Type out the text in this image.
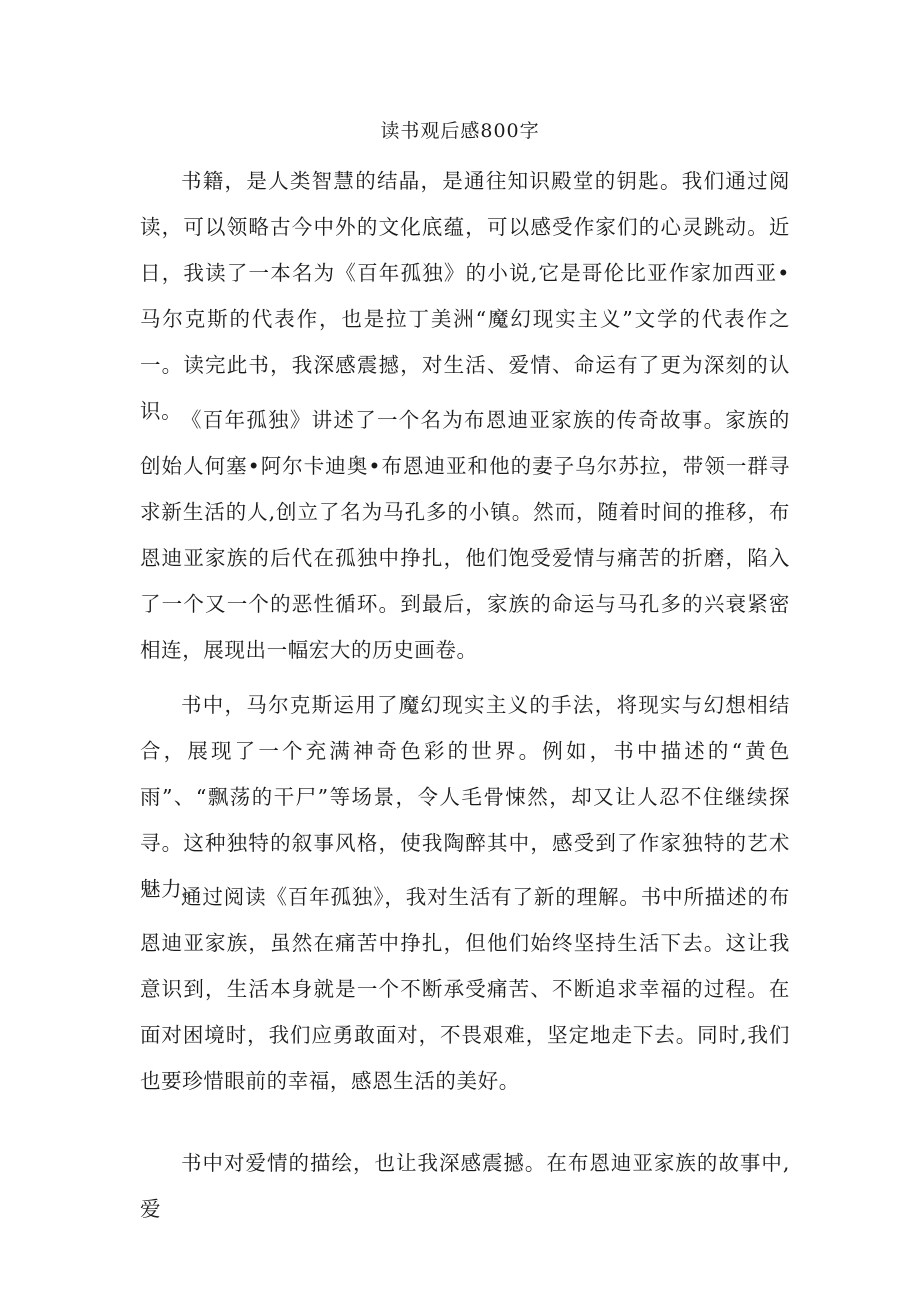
读书观后感800字

书籍，是人类智慧的结晶，是通往知识殿堂的钥匙。我们通过阅读，可以领略古今中外的文化底蕴，可以感受作家们的心灵跳动。近日，我读了一本名为《百年孤独》的小说,它是哥伦比亚作家加西亚•马尔克斯的代表作，也是拉丁美洲“魔幻现实主义”文学的代表作之一。读完此书，我深感震撼，对生活、爱情、命运有了更为深刻的认识。

《百年孤独》讲述了一个名为布恩迪亚家族的传奇故事。家族的创始人何塞•阿尔卡迪奥•布恩迪亚和他的妻子乌尔苏拉，带领一群寻求新生活的人,创立了名为马孔多的小镇。然而，随着时间的推移，布恩迪亚家族的后代在孤独中挣扎，他们饱受爱情与痛苦的折磨，陷入了一个又一个的恶性循环。到最后，家族的命运与马孔多的兴衰紧密相连，展现出一幅宏大的历史画卷。

书中，马尔克斯运用了魔幻现实主义的手法，将现实与幻想相结合，展现了一个充满神奇色彩的世界。例如，书中描述的“黄色雨”、“飘荡的干尸”等场景，令人毛骨悚然，却又让人忍不住继续探寻。这种独特的叙事风格，使我陶醉其中，感受到了作家独特的艺术魅力。

通过阅读《百年孤独》，我对生活有了新的理解。书中所描述的布恩迪亚家族，虽然在痛苦中挣扎，但他们始终坚持生活下去。这让我意识到，生活本身就是一个不断承受痛苦、不断追求幸福的过程。在面对困境时，我们应勇敢面对，不畏艰难，坚定地走下去。同时,我们也要珍惜眼前的幸福，感恩生活的美好。

书中对爱情的描绘，也让我深感震撼。在布恩迪亚家族的故事中,爱
